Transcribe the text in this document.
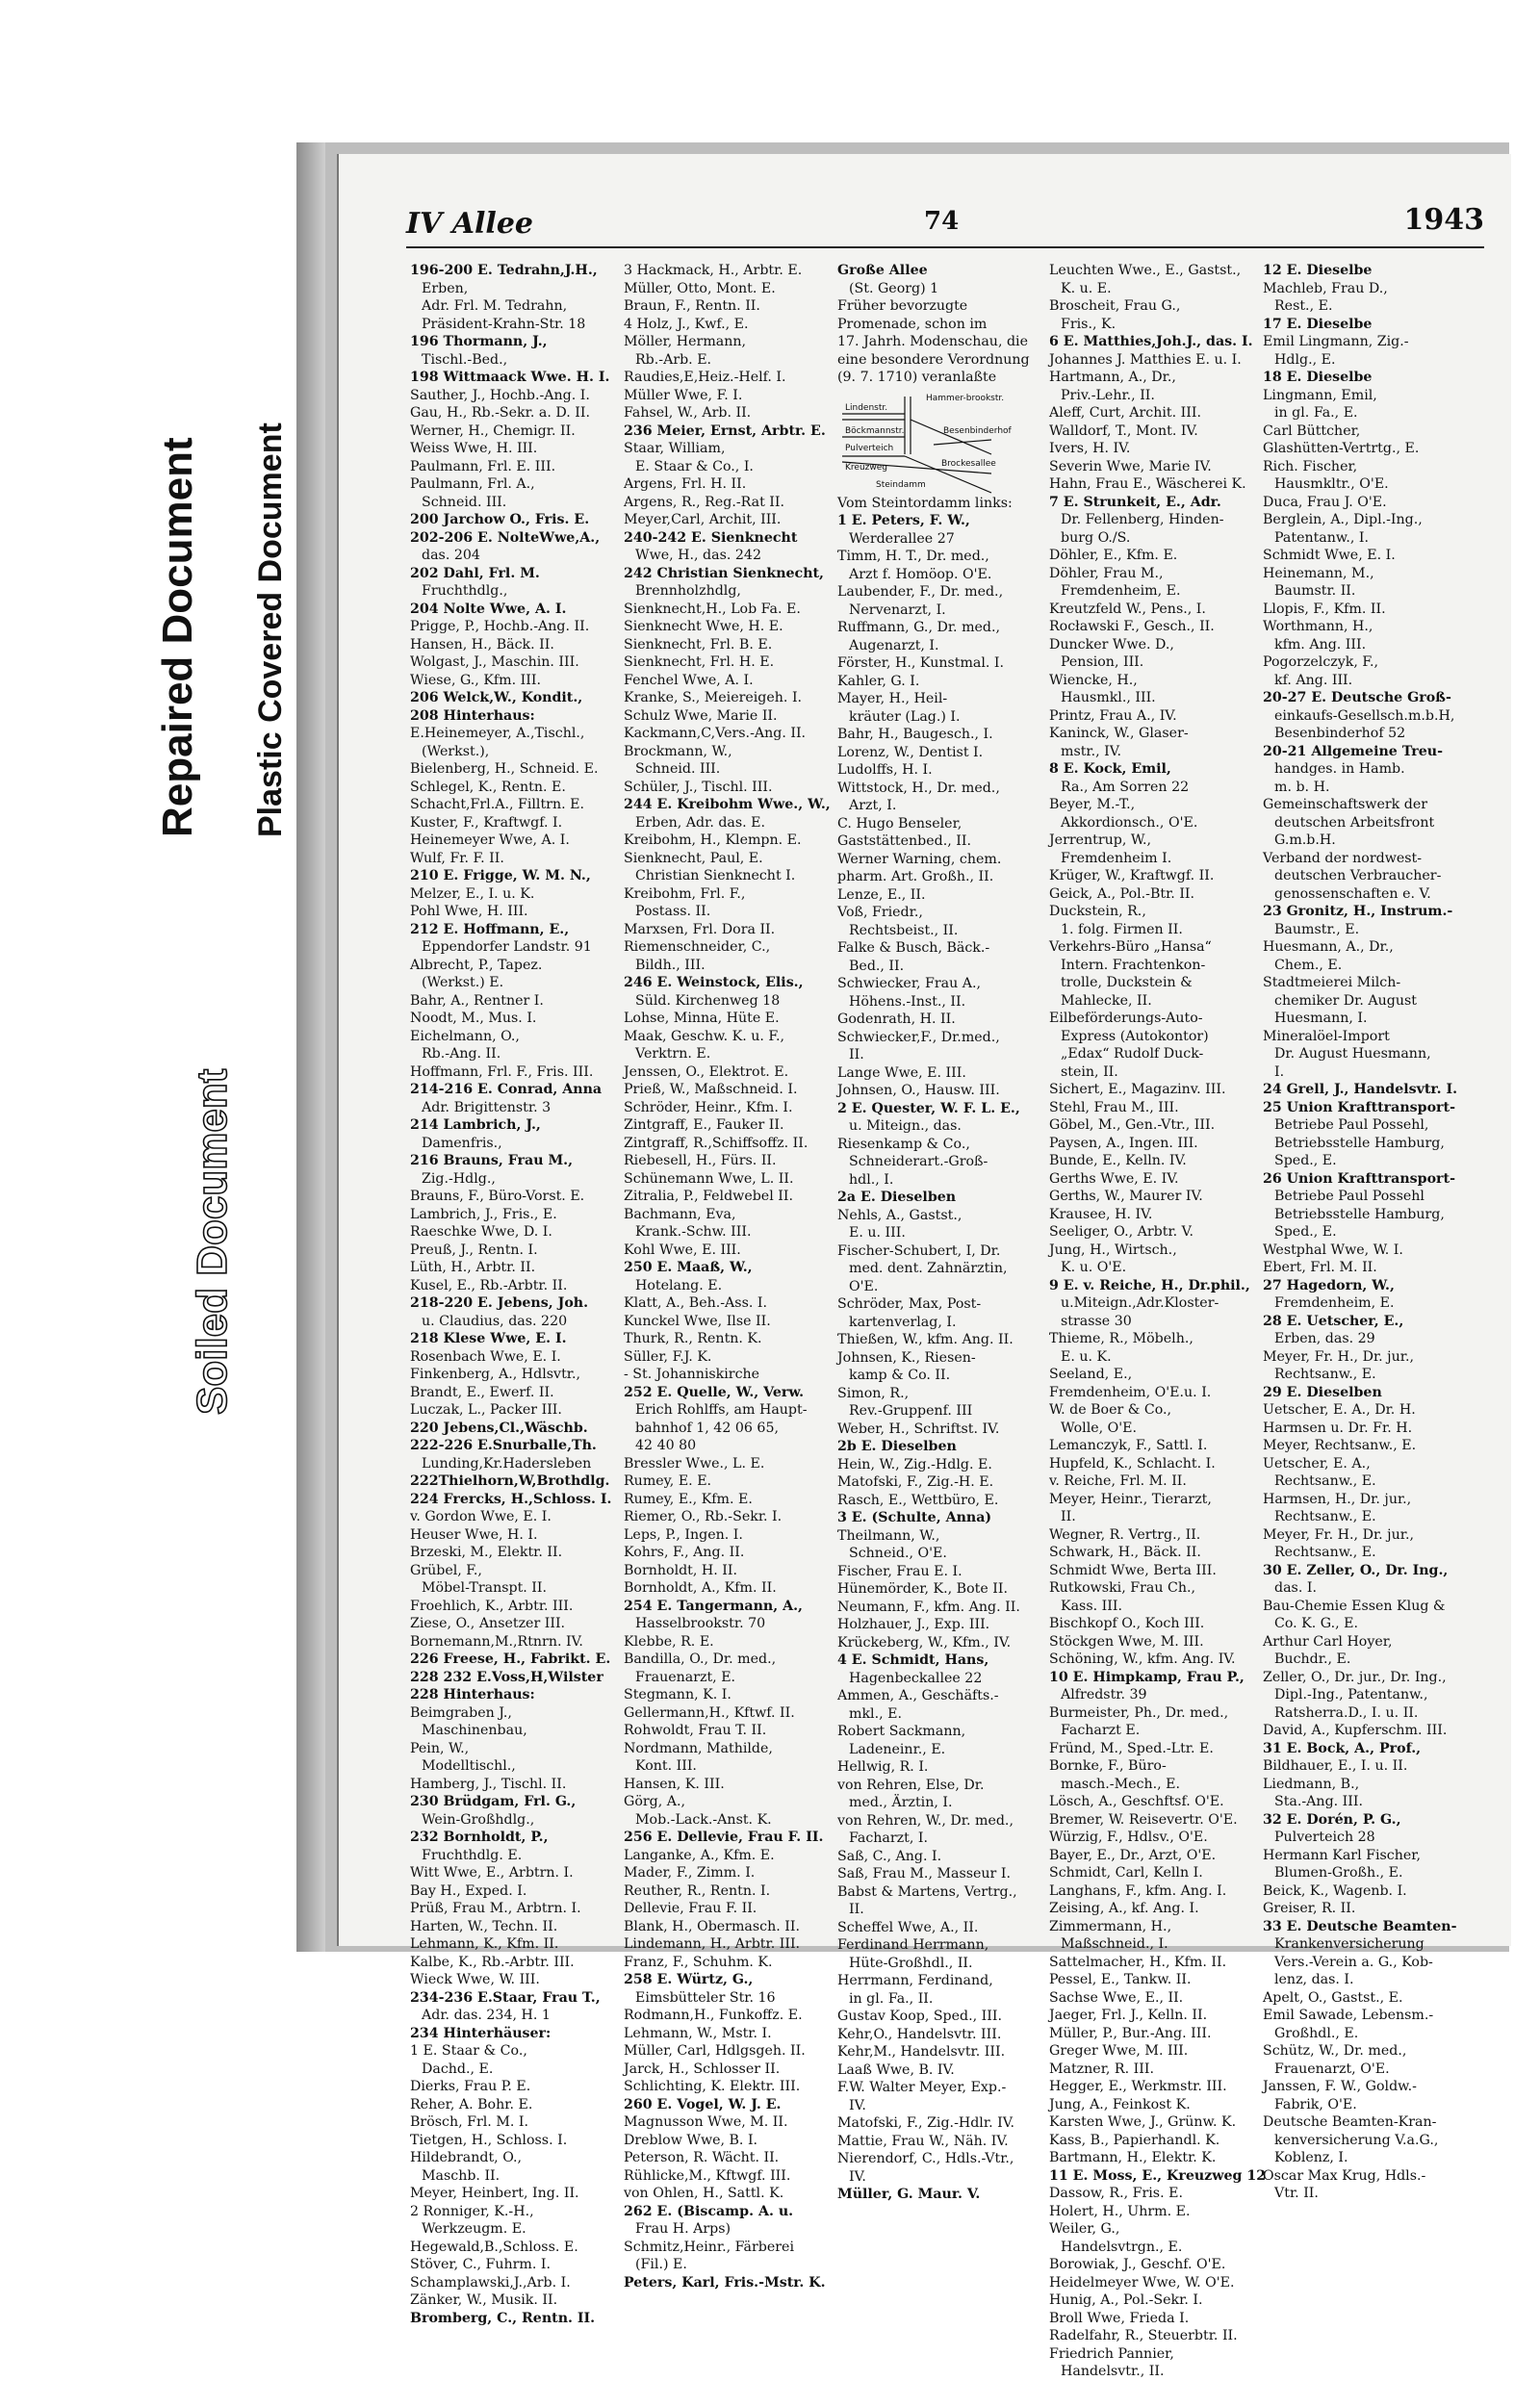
Repaired Document Plastic Covered Document
Soiled Document
IV Allee	74	1943
196-200 E. Tedrahn,J.H.,
Erben,
Adr. Frl. M. Tedrahn,
Präsident-Krahn-Str. 18
196 Thormann, J.,
Tischl.-Bed.,
198 Wittmaack Wwe. H. I.
Sauther, J., Hochb.-Ang. I.
Gau, H., Rb.-Sekr. a. D. II.
Werner, H., Chemigr. II.
Weiss Wwe, H. III.
Paulmann, Frl. E. III.
Paulmann, Frl. A.,
Schneid. III.
200 Jarchow O., Fris. E.
202-206 E. NolteWwe,A.,
das. 204
202 Dahl, Frl. M.
Fruchthdlg.,
204 Nolte Wwe, A. I.
Prigge, P., Hochb.-Ang. II.
Hansen, H., Bäck. II.
Wolgast, J., Maschin. III.
Wiese, G., Kfm. III.
206 Welck,W., Kondit.,
208 Hinterhaus:
E.Heinemeyer, A.,Tischl.,
(Werkst.),
Bielenberg, H., Schneid. E.
Schlegel, K., Rentn. E.
Schacht,Frl.A., Filltrn. E.
Kuster, F., Kraftwgf. I.
Heinemeyer Wwe, A. I.
Wulf, Fr. F. II.
210 E. Frigge, W. M. N.,
Melzer, E., I. u. K.
Pohl Wwe, H. III.
212 E. Hoffmann, E.,
Eppendorfer Landstr. 91
Albrecht, P., Tapez.
(Werkst.) E.
Bahr, A., Rentner I.
Noodt, M., Mus. I.
Eichelmann, O.,
Rb.-Ang. II.
Hoffmann, Frl. F., Fris. III.
214-216 E. Conrad, Anna
Adr. Brigittenstr. 3
214 Lambrich, J.,
Damenfris.,
216 Brauns, Frau M.,
Zig.-Hdlg.,
Brauns, F., Büro-Vorst. E.
Lambrich, J., Fris., E.
Raeschke Wwe, D. I.
Preuß, J., Rentn. I.
Lüth, H., Arbtr. II.
Kusel, E., Rb.-Arbtr. II.
218-220 E. Jebens, Joh.
u. Claudius, das. 220
218 Klese Wwe, E. I.
Rosenbach Wwe, E. I.
Finkenberg, A., Hdlsvtr.,
Brandt, E., Ewerf. II.
Luczak, L., Packer III.
220 Jebens,Cl.,Wäschb.
222-226 E.Snurballe,Th.
Lunding,Kr.Hadersleben
222Thielhorn,W,Brothdlg.
224 Frercks, H.,Schloss. I.
v. Gordon Wwe, E. I.
Heuser Wwe, H. I.
Brzeski, M., Elektr. II.
Grübel, F.,
Möbel-Transpt. II.
Froehlich, K., Arbtr. III.
Ziese, O., Ansetzer III.
Bornemann,M.,Rtnrn. IV.
226 Freese, H., Fabrikt. E.
228 232 E.Voss,H,Wilster
228 Hinterhaus:
Beimgraben J.,
Maschinenbau,
Pein, W.,
Modelltischl.,
Hamberg, J., Tischl. II.
230 Brüdgam, Frl. G.,
Wein-Großhdlg.,
232 Bornholdt, P.,
Fruchthdlg. E.
Witt Wwe, E., Arbtrn. I.
Bay H., Exped. I.
Prüß, Frau M., Arbtrn. I.
Harten, W., Techn. II.
Lehmann, K., Kfm. II.
Kalbe, K., Rb.-Arbtr. III.
Wieck Wwe, W. III.
234-236 E.Staar, Frau T.,
Adr. das. 234, H. 1
234 Hinterhäuser:
1 E. Staar & Co.,
Dachd., E.
Dierks, Frau P. E.
Reher, A. Bohr. E.
Brösch, Frl. M. I.
Tietgen, H., Schloss. I.
Hildebrandt, O.,
Maschb. II.
Meyer, Heinbert, Ing. II.
2 Ronniger, K.-H.,
Werkzeugm. E.
Hegewald,B.,Schloss. E.
Stöver, C., Fuhrm. I.
Schamplawski,J.,Arb. I.
Zänker, W., Musik. II.
Bromberg, C., Rentn. II.
3 Hackmack, H., Arbtr. E.
Müller, Otto, Mont. E.
Braun, F., Rentn. II.
4 Holz, J., Kwf., E.
Möller, Hermann,
Rb.-Arb. E.
Raudies,E,Heiz.-Helf. I.
Müller Wwe, F. I.
Fahsel, W., Arb. II.
236 Meier, Ernst, Arbtr. E.
Staar, William,
E. Staar & Co., I.
Argens, Frl. H. II.
Argens, R., Reg.-Rat II.
Meyer,Carl, Archit, III.
240-242 E. Sienknecht
Wwe, H., das. 242
242 Christian Sienknecht,
Brennholzhdlg,
Sienknecht,H., Lob Fa. E.
Sienknecht Wwe, H. E.
Sienknecht, Frl. B. E.
Sienknecht, Frl. H. E.
Fenchel Wwe, A. I.
Kranke, S., Meiereigeh. I.
Schulz Wwe, Marie II.
Kackmann,C,Vers.-Ang. II.
Brockmann, W.,
Schneid. III.
Schüler, J., Tischl. III.
244 E. Kreibohm Wwe., W.,
Erben, Adr. das. E.
Kreibohm, H., Klempn. E.
Sienknecht, Paul, E.
Christian Sienknecht I.
Kreibohm, Frl. F.,
Postass. II.
Marxsen, Frl. Dora II.
Riemenschneider, C.,
Bildh., III.
246 E. Weinstock, Elis.,
Süld. Kirchenweg 18
Lohse, Minna, Hüte E.
Maak, Geschw. K. u. F.,
Verktrn. E.
Jenssen, O., Elektrot. E.
Prieß, W., Maßschneid. I.
Schröder, Heinr., Kfm. I.
Zintgraff, E., Fauker II.
Zintgraff, R.,Schiffsoffz. II.
Riebesell, H., Fürs. II.
Schünemann Wwe, L. II.
Zitralia, P., Feldwebel II.
Bachmann, Eva,
Krank.-Schw. III.
Kohl Wwe, E. III.
250 E. Maaß, W.,
Hotelang. E.
Klatt, A., Beh.-Ass. I.
Kunckel Wwe, Ilse II.
Thurk, R., Rentn. K.
Süller, F.J. K.
- St. Johanniskirche
252 E. Quelle, W., Verw.
Erich Rohlffs, am Haupt-
bahnhof 1, 42 06 65,
42 40 80
Bressler Wwe., L. E.
Rumey, E. E.
Rumey, E., Kfm. E.
Riemer, O., Rb.-Sekr. I.
Leps, P., Ingen. I.
Kohrs, F., Ang. II.
Bornholdt, H. II.
Bornholdt, A., Kfm. II.
254 E. Tangermann, A.,
Hasselbrookstr. 70
Klebbe, R. E.
Bandilla, O., Dr. med.,
Frauenarzt, E.
Stegmann, K. I.
Gellermann,H., Kftwf. II.
Rohwoldt, Frau T. II.
Nordmann, Mathilde,
Kont. III.
Hansen, K. III.
Görg, A.,
Mob.-Lack.-Anst. K.
256 E. Dellevie, Frau F. II.
Langanke, A., Kfm. E.
Mader, F., Zimm. I.
Reuther, R., Rentn. I.
Dellevie, Frau F. II.
Blank, H., Obermasch. II.
Lindemann, H., Arbtr. III.
Franz, F., Schuhm. K.
258 E. Würtz, G.,
Eimsbütteler Str. 16
Rodmann,H., Funkoffz. E.
Lehmann, W., Mstr. I.
Müller, Carl, Hdlgsgeh. II.
Jarck, H., Schlosser II.
Schlichting, K. Elektr. III.
260 E. Vogel, W. J. E.
Magnusson Wwe, M. II.
Dreblow Wwe, B. I.
Peterson, R. Wächt. II.
Rühlicke,M., Kftwgf. III.
von Ohlen, H., Sattl. K.
262 E. (Biscamp. A. u.
Frau H. Arps)
Schmitz,Heinr., Färberei
(Fil.) E.
Peters, Karl, Fris.-Mstr. K.
Große Allee
(St. Georg) 1
Früher bevorzugte
Promenade, schon im
17. Jahrh. Modenschau, die
eine besondere Verordnung
(9. 7. 1710) veranlaßte
Lindenstr.
Hammer-brookstr.
Böckmannstr.
Pulverteich
Kreuzweg
Steindamm
Brockesallee
Besenbinderhof
Vom Steintordamm links:
1 E. Peters, F. W.,
Werderallee 27
Timm, H. T., Dr. med.,
Arzt f. Homöop. O'E.
Laubender, F., Dr. med.,
Nervenarzt, I.
Ruffmann, G., Dr. med.,
Augenarzt, I.
Förster, H., Kunstmal. I.
Kahler, G. I.
Mayer, H., Heil-
kräuter (Lag.) I.
Bahr, H., Baugesch., I.
Lorenz, W., Dentist I.
Ludolffs, H. I.
Wittstock, H., Dr. med.,
Arzt, I.
C. Hugo Benseler,
Gaststättenbed., II.
Werner Warning, chem.
pharm. Art. Großh., II.
Lenze, E., II.
Voß, Friedr.,
Rechtsbeist., II.
Falke & Busch, Bäck.-
Bed., II.
Schwiecker, Frau A.,
Höhens.-Inst., II.
Godenrath, H. II.
Schwiecker,F., Dr.med.,
II.
Lange Wwe, E. III.
Johnsen, O., Hausw. III.
2 E. Quester, W. F. L. E.,
u. Miteign., das.
Riesenkamp & Co.,
Schneiderart.-Groß-
hdl., I.
2a E. Dieselben
Nehls, A., Gastst.,
E. u. III.
Fischer-Schubert, I, Dr.
med. dent. Zahnärztin,
O'E.
Schröder, Max, Post-
kartenverlag, I.
Thießen, W., kfm. Ang. II.
Johnsen, K., Riesen-
kamp & Co. II.
Simon, R.,
Rev.-Gruppenf. III
Weber, H., Schriftst. IV.
2b E. Dieselben
Hein, W., Zig.-Hdlg. E.
Matofski, F., Zig.-H. E.
Rasch, E., Wettbüro, E.
3 E. (Schulte, Anna)
Theilmann, W.,
Schneid., O'E.
Fischer, Frau E. I.
Hünemörder, K., Bote II.
Neumann, F., kfm. Ang. II.
Holzhauer, J., Exp. III.
Krückeberg, W., Kfm., IV.
4 E. Schmidt, Hans,
Hagenbeckallee 22
Ammen, A., Geschäfts.-
mkl., E.
Robert Sackmann,
Ladeneinr., E.
Hellwig, R. I.
von Rehren, Else, Dr.
med., Ärztin, I.
von Rehren, W., Dr. med.,
Facharzt, I.
Saß, C., Ang. I.
Saß, Frau M., Masseur I.
Babst & Martens, Vertrg.,
II.
Scheffel Wwe, A., II.
Ferdinand Herrmann,
Hüte-Großhdl., II.
Herrmann, Ferdinand,
in gl. Fa., II.
Gustav Koop, Sped., III.
Kehr,O., Handelsvtr. III.
Kehr,M., Handelsvtr. III.
Laaß Wwe, B. IV.
F.W. Walter Meyer, Exp.-
IV.
Matofski, F., Zig.-Hdlr. IV.
Mattie, Frau W., Näh. IV.
Nierendorf, C., Hdls.-Vtr.,
IV.
Müller, G. Maur. V.
Leuchten Wwe., E., Gastst.,
K. u. E.
Broscheit, Frau G.,
Fris., K.
6 E. Matthies,Joh.J., das. I.
Johannes J. Matthies E. u. I.
Hartmann, A., Dr.,
Priv.-Lehr., II.
Aleff, Curt, Archit. III.
Walldorf, T., Mont. IV.
Ivers, H. IV.
Severin Wwe, Marie IV.
Hahn, Frau E., Wäscherei K.
7 E. Strunkeit, E., Adr.
Dr. Fellenberg, Hinden-
burg O./S.
Döhler, E., Kfm. E.
Döhler, Frau M.,
Fremdenheim, E.
Kreutzfeld W., Pens., I.
Rocławski F., Gesch., II.
Duncker Wwe. D.,
Pension, III.
Wiencke, H.,
Hausmkl., III.
Printz, Frau A., IV.
Kaninck, W., Glaser-
mstr., IV.
8 E. Kock, Emil,
Ra., Am Sorren 22
Beyer, M.-T.,
Akkordionsch., O'E.
Jerrentrup, W.,
Fremdenheim I.
Krüger, W., Kraftwgf. II.
Geick, A., Pol.-Btr. II.
Duckstein, R.,
1. folg. Firmen II.
Verkehrs-Büro „Hansa“
Intern. Frachtenkon-
trolle, Duckstein &
Mahlecke, II.
Eilbeförderungs-Auto-
Express (Autokontor)
„Edax“ Rudolf Duck-
stein, II.
Sichert, E., Magazinv. III.
Stehl, Frau M., III.
Göbel, M., Gen.-Vtr., III.
Paysen, A., Ingen. III.
Bunde, E., Kelln. IV.
Gerths Wwe, E. IV.
Gerths, W., Maurer IV.
Krausee, H. IV.
Seeliger, O., Arbtr. V.
Jung, H., Wirtsch.,
K. u. O'E.
9 E. v. Reiche, H., Dr.phil.,
u.Miteign.,Adr.Kloster-
strasse 30
Thieme, R., Möbelh.,
E. u. K.
Seeland, E.,
Fremdenheim, O'E.u. I.
W. de Boer & Co.,
Wolle, O'E.
Lemanczyk, F., Sattl. I.
Hupfeld, K., Schlacht. I.
v. Reiche, Frl. M. II.
Meyer, Heinr., Tierarzt,
II.
Wegner, R. Vertrg., II.
Schwark, H., Bäck. II.
Schmidt Wwe, Berta III.
Rutkowski, Frau Ch.,
Kass. III.
Bischkopf O., Koch III.
Stöckgen Wwe, M. III.
Schöning, W., kfm. Ang. IV.
10 E. Himpkamp, Frau P.,
Alfredstr. 39
Burmeister, Ph., Dr. med.,
Facharzt E.
Fründ, M., Sped.-Ltr. E.
Bornke, F., Büro-
masch.-Mech., E.
Lösch, A., Geschftsf. O'E.
Bremer, W. Reisevertr. O'E.
Würzig, F., Hdlsv., O'E.
Bayer, E., Dr., Arzt, O'E.
Schmidt, Carl, Kelln I.
Langhans, F., kfm. Ang. I.
Zeising, A., kf. Ang. I.
Zimmermann, H.,
Maßschneid., I.
Sattelmacher, H., Kfm. II.
Pessel, E., Tankw. II.
Sachse Wwe, E., II.
Jaeger, Frl. J., Kelln. II.
Müller, P., Bur.-Ang. III.
Greger Wwe, M. III.
Matzner, R. III.
Hegger, E., Werkmstr. III.
Jung, A., Feinkost K.
Karsten Wwe, J., Grünw. K.
Kass, B., Papierhandl. K.
Bartmann, H., Elektr. K.
11 E. Moss, E., Kreuzweg 12
Dassow, R., Fris. E.
Holert, H., Uhrm. E.
Weiler, G.,
Handelsvtrgn., E.
Borowiak, J., Geschf. O'E.
Heidelmeyer Wwe, W. O'E.
Hunig, A., Pol.-Sekr. I.
Broll Wwe, Frieda I.
Radelfahr, R., Steuerbtr. II.
Friedrich Pannier,
Handelsvtr., II.
12 E. Dieselbe
Machleb, Frau D.,
Rest., E.
17 E. Dieselbe
Emil Lingmann, Zig.-
Hdlg., E.
18 E. Dieselbe
Lingmann, Emil,
in gl. Fa., E.
Carl Büttcher,
Glashütten-Vertrtg., E.
Rich. Fischer,
Hausmkltr., O'E.
Duca, Frau J. O'E.
Berglein, A., Dipl.-Ing.,
Patentanw., I.
Schmidt Wwe, E. I.
Heinemann, M.,
Baumstr. II.
Llopis, F., Kfm. II.
Worthmann, H.,
kfm. Ang. III.
Pogorzelczyk, F.,
kf. Ang. III.
20-27 E. Deutsche Groß-
einkaufs-Gesellsch.m.b.H,
Besenbinderhof 52
20-21 Allgemeine Treu-
handges. in Hamb.
m. b. H.
Gemeinschaftswerk der
deutschen Arbeitsfront
G.m.b.H.
Verband der nordwest-
deutschen Verbraucher-
genossenschaften e. V.
23 Gronitz, H., Instrum.-
Baumstr., E.
Huesmann, A., Dr.,
Chem., E.
Stadtmeierei Milch-
chemiker Dr. August
Huesmann, I.
Mineralöel-Import
Dr. August Huesmann,
I.
24 Grell, J., Handelsvtr. I.
25 Union Krafttransport-
Betriebe Paul Possehl,
Betriebsstelle Hamburg,
Sped., E.
26 Union Krafttransport-
Betriebe Paul Possehl
Betriebsstelle Hamburg,
Sped., E.
Westphal Wwe, W. I.
Ebert, Frl. M. II.
27 Hagedorn, W.,
Fremdenheim, E.
28 E. Uetscher, E.,
Erben, das. 29
Meyer, Fr. H., Dr. jur.,
Rechtsanw., E.
29 E. Dieselben
Uetscher, E. A., Dr. H.
Harmsen u. Dr. Fr. H.
Meyer, Rechtsanw., E.
Uetscher, E. A.,
Rechtsanw., E.
Harmsen, H., Dr. jur.,
Rechtsanw., E.
Meyer, Fr. H., Dr. jur.,
Rechtsanw., E.
30 E. Zeller, O., Dr. Ing.,
das. I.
Bau-Chemie Essen Klug &
Co. K. G., E.
Arthur Carl Hoyer,
Buchdr., E.
Zeller, O., Dr. jur., Dr. Ing.,
Dipl.-Ing., Patentanw.,
Ratsherra.D., I. u. II.
David, A., Kupferschm. III.
31 E. Bock, A., Prof.,
Bildhauer, E., I. u. II.
Liedmann, B.,
Sta.-Ang. III.
32 E. Dorén, P. G.,
Pulverteich 28
Hermann Karl Fischer,
Blumen-Großh., E.
Beick, K., Wagenb. I.
Greiser, R. II.
33 E. Deutsche Beamten-
Krankenversicherung
Vers.-Verein a. G., Kob-
lenz, das. I.
Apelt, O., Gastst., E.
Emil Sawade, Lebensm.-
Großhdl., E.
Schütz, W., Dr. med.,
Frauenarzt, O'E.
Janssen, F. W., Goldw.-
Fabrik, O'E.
Deutsche Beamten-Kran-
kenversicherung V.a.G.,
Koblenz, I.
Oscar Max Krug, Hdls.-
Vtr. II.
